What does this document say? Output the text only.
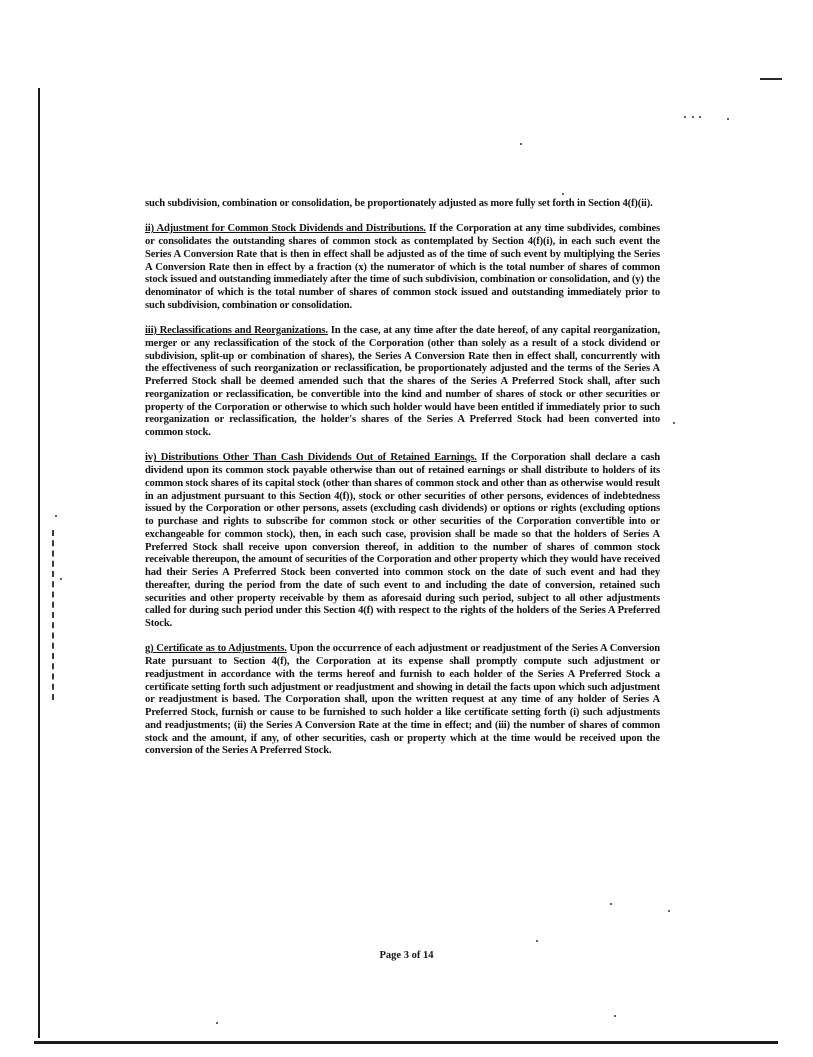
such subdivision, combination or consolidation, be proportionately adjusted as more fully set forth in Section 4(f)(ii).

ii) Adjustment for Common Stock Dividends and Distributions. If the Corporation at any time subdivides, combines or consolidates the outstanding shares of common stock as contemplated by Section 4(f)(i), in each such event the Series A Conversion Rate that is then in effect shall be adjusted as of the time of such event by multiplying the Series A Conversion Rate then in effect by a fraction (x) the numerator of which is the total number of shares of common stock issued and outstanding immediately after the time of such subdivision, combination or consolidation, and (y) the denominator of which is the total number of shares of common stock issued and outstanding immediately prior to such subdivision, combination or consolidation.

iii) Reclassifications and Reorganizations. In the case, at any time after the date hereof, of any capital reorganization, merger or any reclassification of the stock of the Corporation (other than solely as a result of a stock dividend or subdivision, split-up or combination of shares), the Series A Conversion Rate then in effect shall, concurrently with the effectiveness of such reorganization or reclassification, be proportionately adjusted and the terms of the Series A Preferred Stock shall be deemed amended such that the shares of the Series A Preferred Stock shall, after such reorganization or reclassification, be convertible into the kind and number of shares of stock or other securities or property of the Corporation or otherwise to which such holder would have been entitled if immediately prior to such reorganization or reclassification, the holder's shares of the Series A Preferred Stock had been converted into common stock.

iv) Distributions Other Than Cash Dividends Out of Retained Earnings. If the Corporation shall declare a cash dividend upon its common stock payable otherwise than out of retained earnings or shall distribute to holders of its common stock shares of its capital stock (other than shares of common stock and other than as otherwise would result in an adjustment pursuant to this Section 4(f)), stock or other securities of other persons, evidences of indebtedness issued by the Corporation or other persons, assets (excluding cash dividends) or options or rights (excluding options to purchase and rights to subscribe for common stock or other securities of the Corporation convertible into or exchangeable for common stock), then, in each such case, provision shall be made so that the holders of Series A Preferred Stock shall receive upon conversion thereof, in addition to the number of shares of common stock receivable thereupon, the amount of securities of the Corporation and other property which they would have received had their Series A Preferred Stock been converted into common stock on the date of such event and had they thereafter, during the period from the date of such event to and including the date of conversion, retained such securities and other property receivable by them as aforesaid during such period, subject to all other adjustments called for during such period under this Section 4(f) with respect to the rights of the holders of the Series A Preferred Stock.

g) Certificate as to Adjustments. Upon the occurrence of each adjustment or readjustment of the Series A Conversion Rate pursuant to Section 4(f), the Corporation at its expense shall promptly compute such adjustment or readjustment in accordance with the terms hereof and furnish to each holder of the Series A Preferred Stock a certificate setting forth such adjustment or readjustment and showing in detail the facts upon which such adjustment or readjustment is based. The Corporation shall, upon the written request at any time of any holder of Series A Preferred Stock, furnish or cause to be furnished to such holder a like certificate setting forth (i) such adjustments and readjustments; (ii) the Series A Conversion Rate at the time in effect; and (iii) the number of shares of common stock and the amount, if any, of other securities, cash or property which at the time would be received upon the conversion of the Series A Preferred Stock.

Page 3 of 14
